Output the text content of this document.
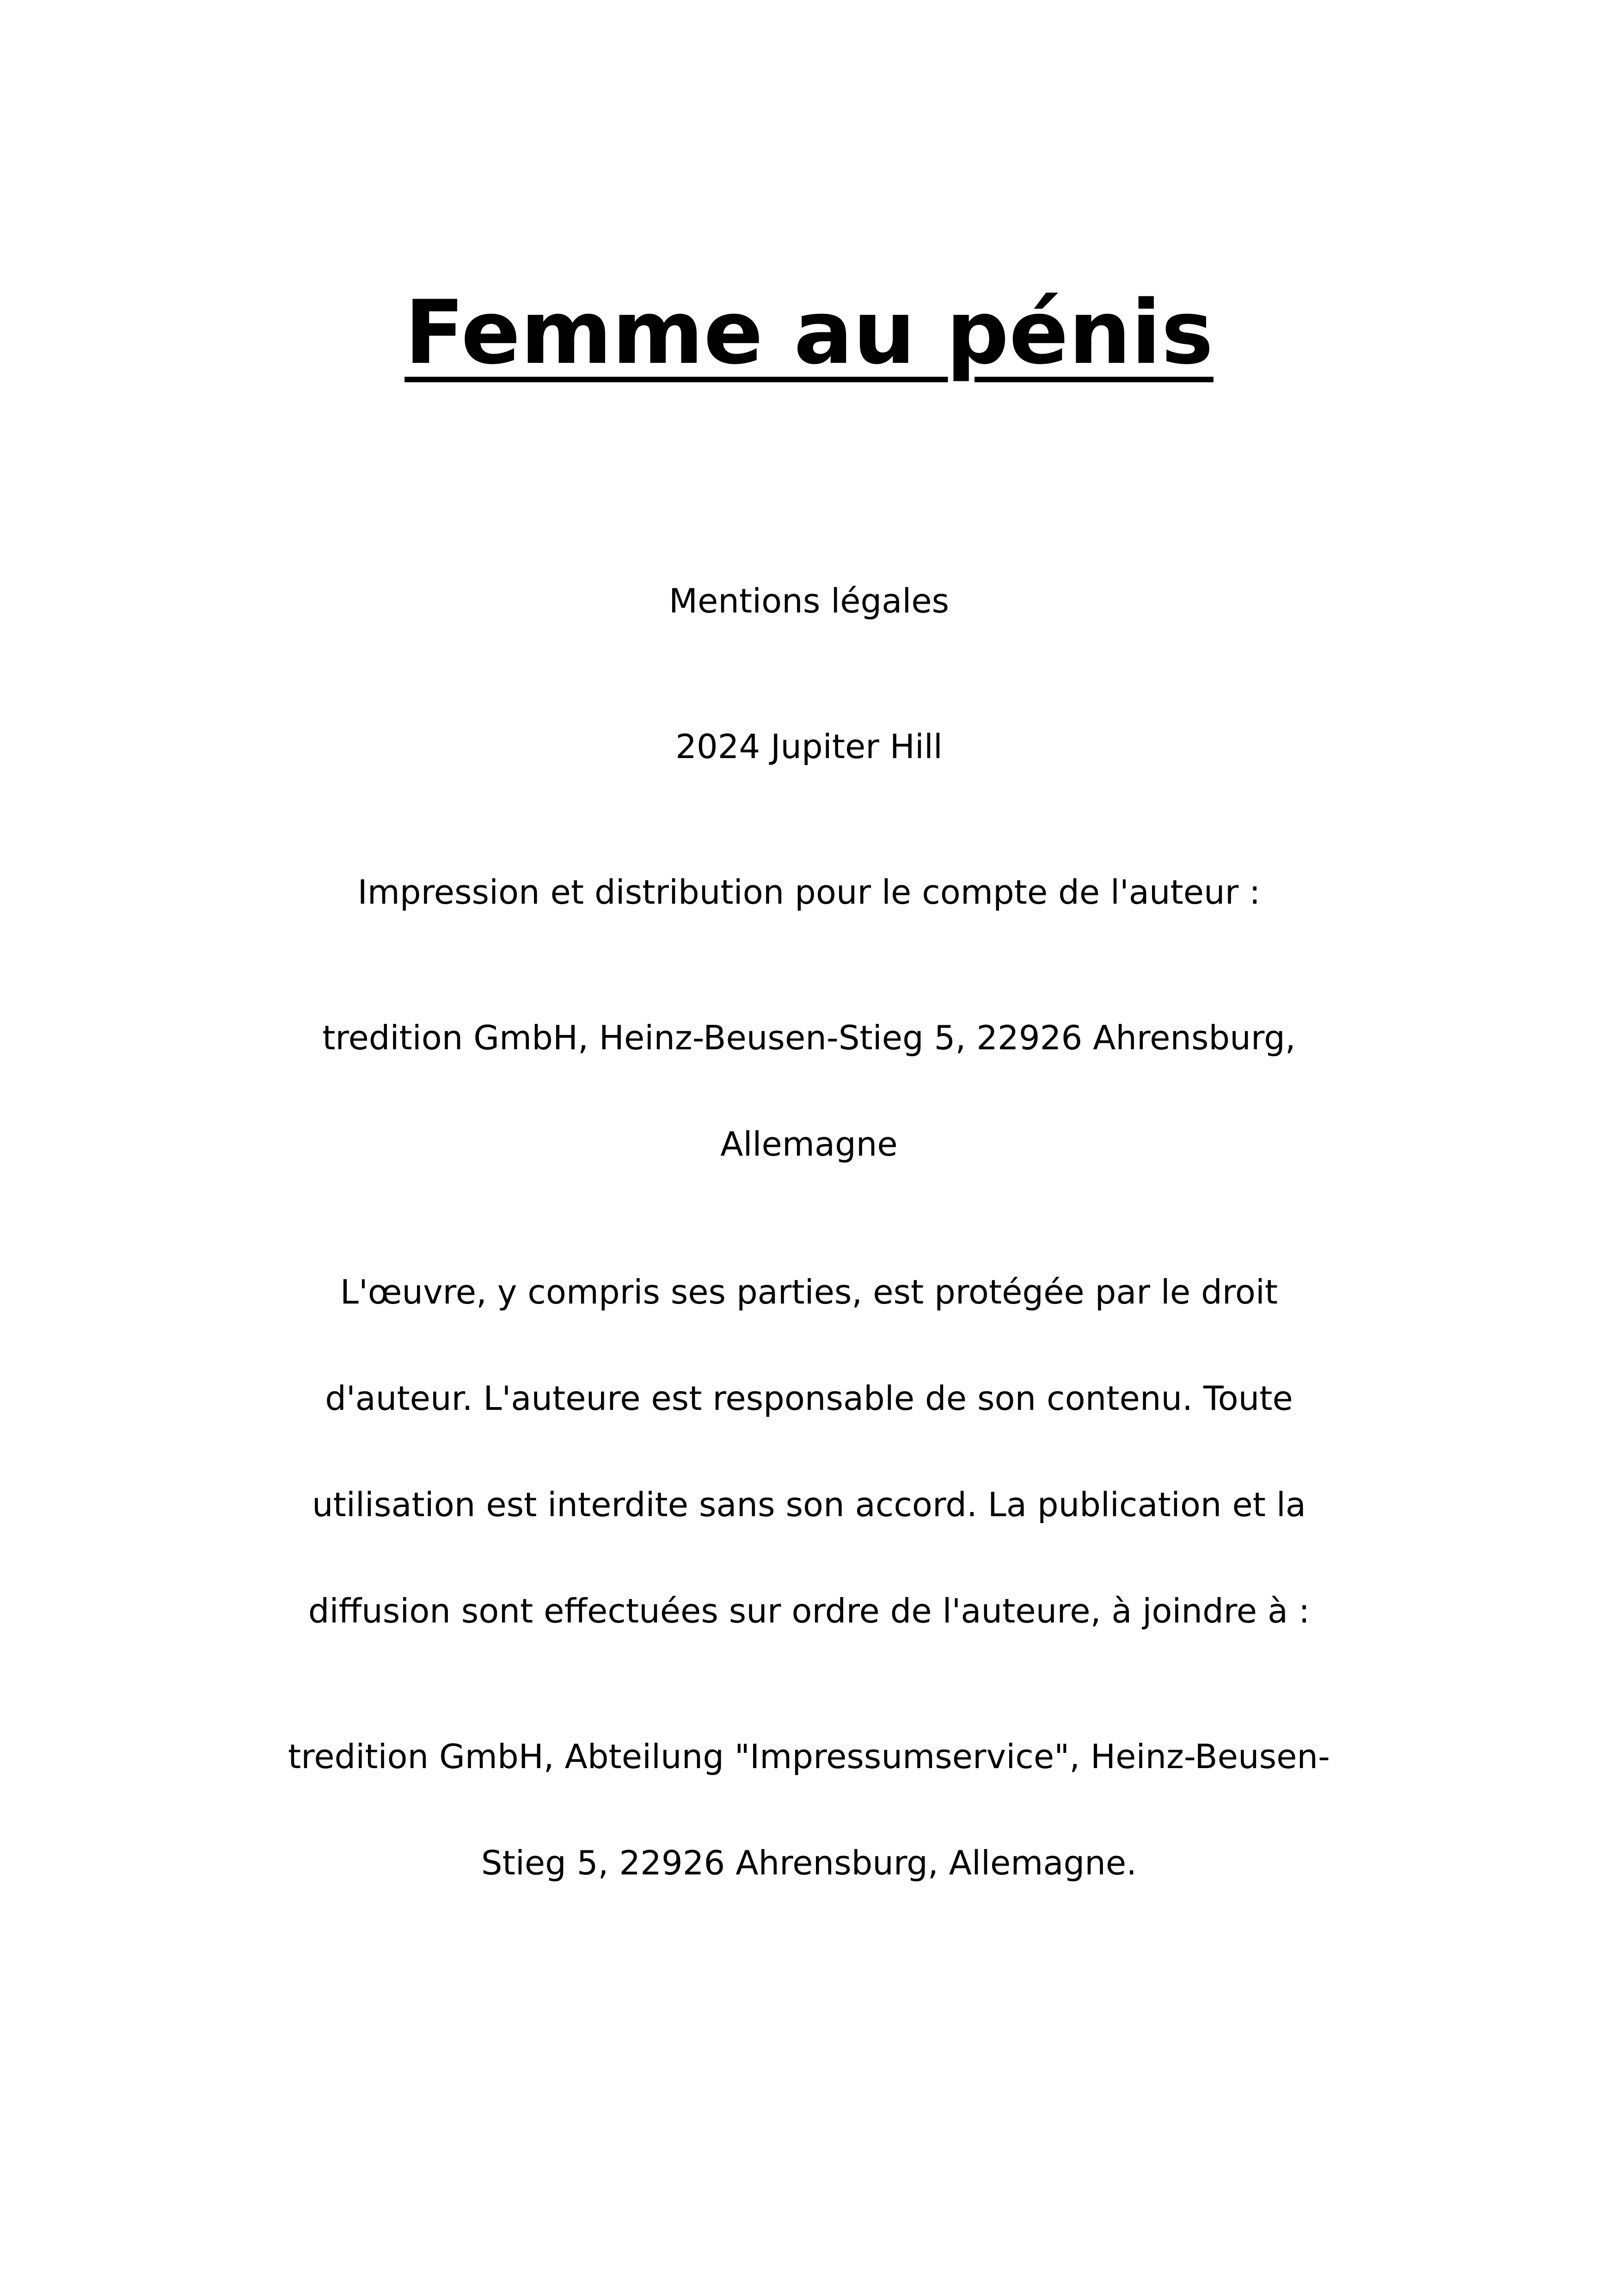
Femme au pénis

Mentions légales

2024 Jupiter Hill

Impression et distribution pour le compte de l'auteur :

tredition GmbH, Heinz-Beusen-Stieg 5, 22926 Ahrensburg,

Allemagne

L'œuvre, y compris ses parties, est protégée par le droit

d'auteur. L'auteure est responsable de son contenu. Toute

utilisation est interdite sans son accord. La publication et la

diffusion sont effectuées sur ordre de l'auteure, à joindre à :

tredition GmbH, Abteilung "Impressumservice", Heinz-Beusen-

Stieg 5, 22926 Ahrensburg, Allemagne.
